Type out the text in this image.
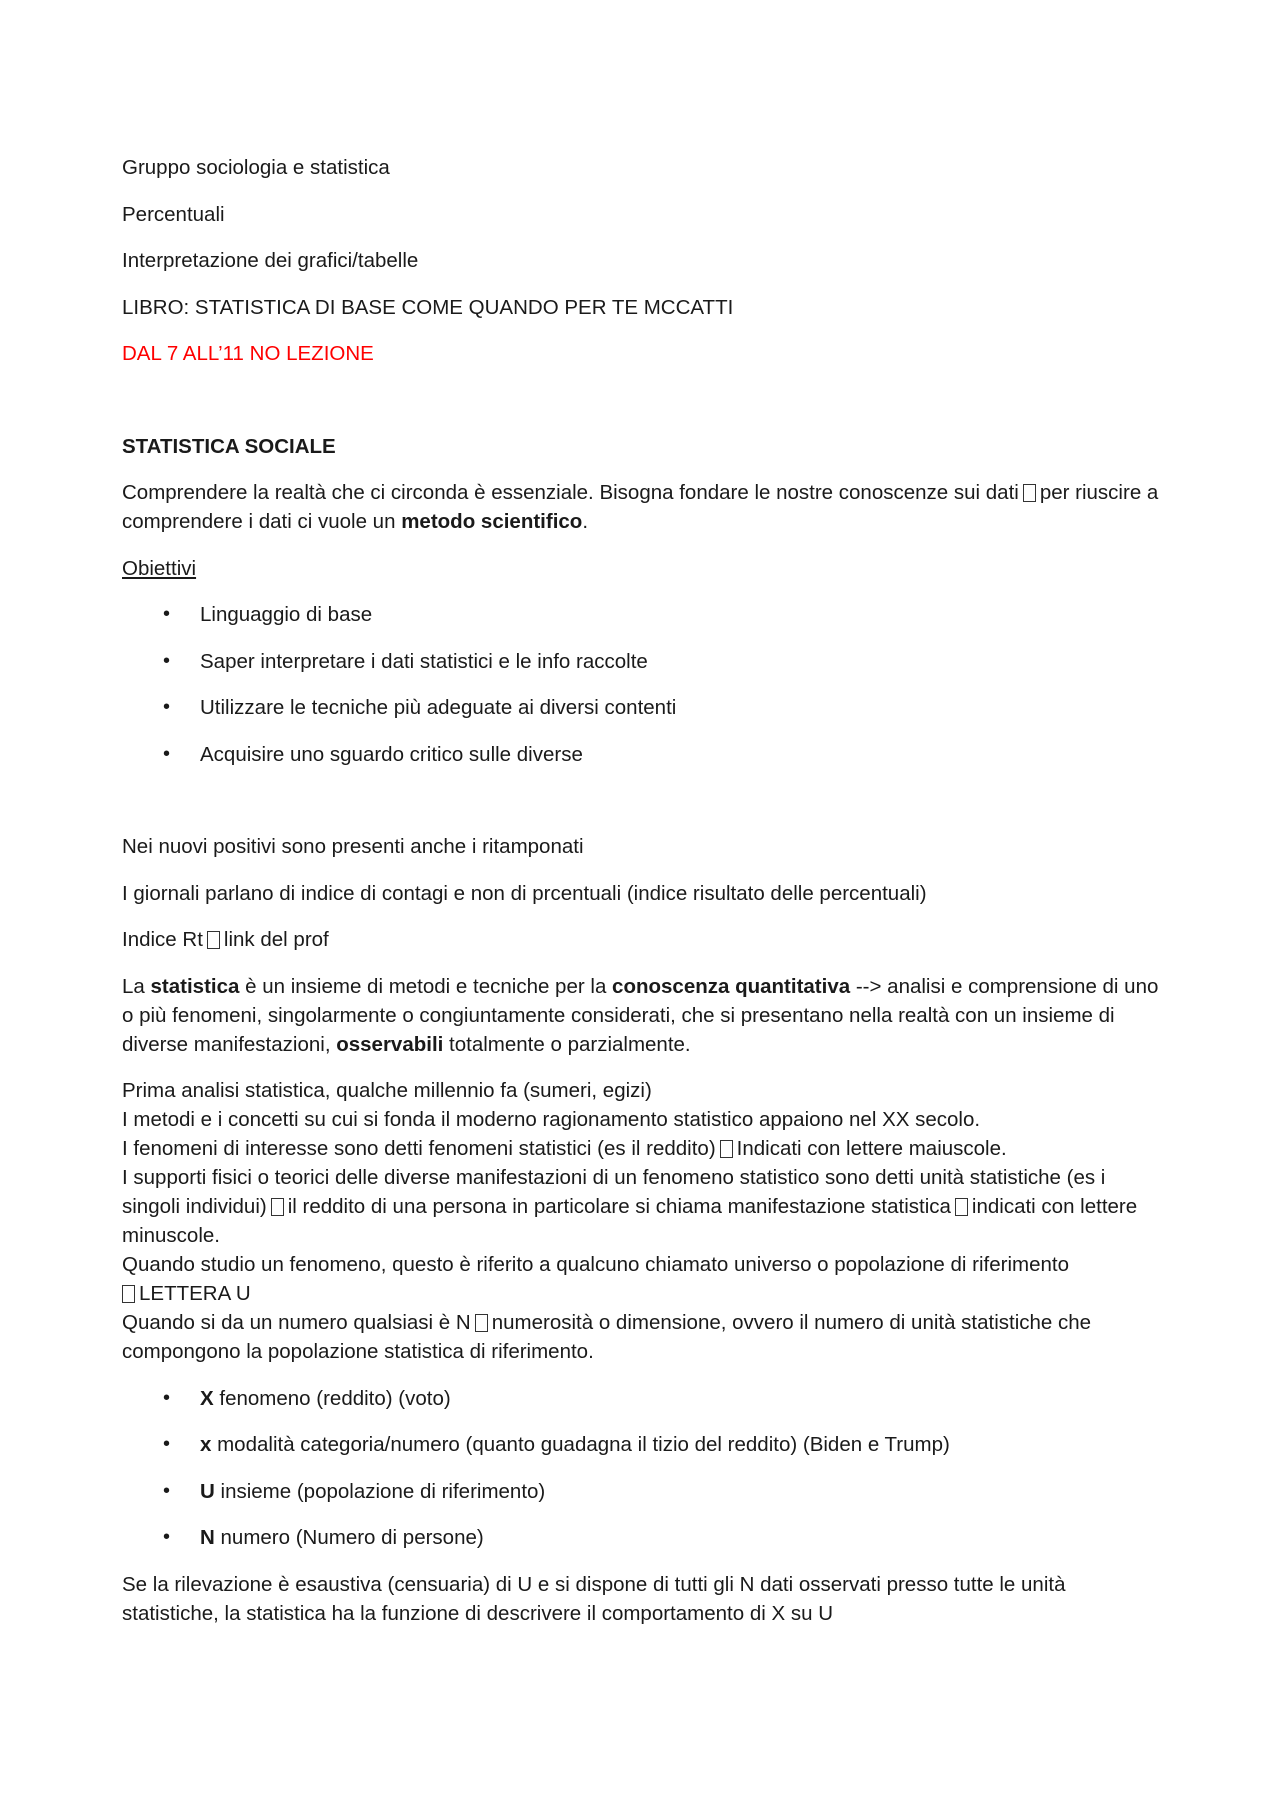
Gruppo sociologia e statistica

Percentuali

Interpretazione dei grafici/tabelle

LIBRO: STATISTICA DI BASE COME QUANDO PER TE MCCATTI

DAL 7 ALL’11 NO LEZIONE

STATISTICA SOCIALE

Comprendere la realtà che ci circonda è essenziale. Bisogna fondare le nostre conoscenze sui dati per riuscire a comprendere i dati ci vuole un metodo scientifico.

Obiettivi

• Linguaggio di base
• Saper interpretare i dati statistici e le info raccolte
• Utilizzare le tecniche più adeguate ai diversi contenti
• Acquisire uno sguardo critico sulle diverse

Nei nuovi positivi sono presenti anche i ritamponati

I giornali parlano di indice di contagi e non di prcentuali (indice risultato delle percentuali)

Indice Rt link del prof

La statistica è un insieme di metodi e tecniche per la conoscenza quantitativa --> analisi e comprensione di uno o più fenomeni, singolarmente o congiuntamente considerati, che si presentano nella realtà con un insieme di diverse manifestazioni, osservabili totalmente o parzialmente.

Prima analisi statistica, qualche millennio fa (sumeri, egizi)
I metodi e i concetti su cui si fonda il moderno ragionamento statistico appaiono nel XX secolo.
I fenomeni di interesse sono detti fenomeni statistici (es il reddito) Indicati con lettere maiuscole.
I supporti fisici o teorici delle diverse manifestazioni di un fenomeno statistico sono detti unità statistiche (es i singoli individui) il reddito di una persona in particolare si chiama manifestazione statistica indicati con lettere minuscole.
Quando studio un fenomeno, questo è riferito a qualcuno chiamato universo o popolazione di riferimento
LETTERA U
Quando si da un numero qualsiasi è N numerosità o dimensione, ovvero il numero di unità statistiche che compongono la popolazione statistica di riferimento.
• X fenomeno (reddito) (voto)
• x modalità categoria/numero (quanto guadagna il tizio del reddito) (Biden e Trump)
• U insieme (popolazione di riferimento)
• N numero (Numero di persone)

Se la rilevazione è esaustiva (censuaria) di U e si dispone di tutti gli N dati osservati presso tutte le unità statistiche, la statistica ha la funzione di descrivere il comportamento di X su U
